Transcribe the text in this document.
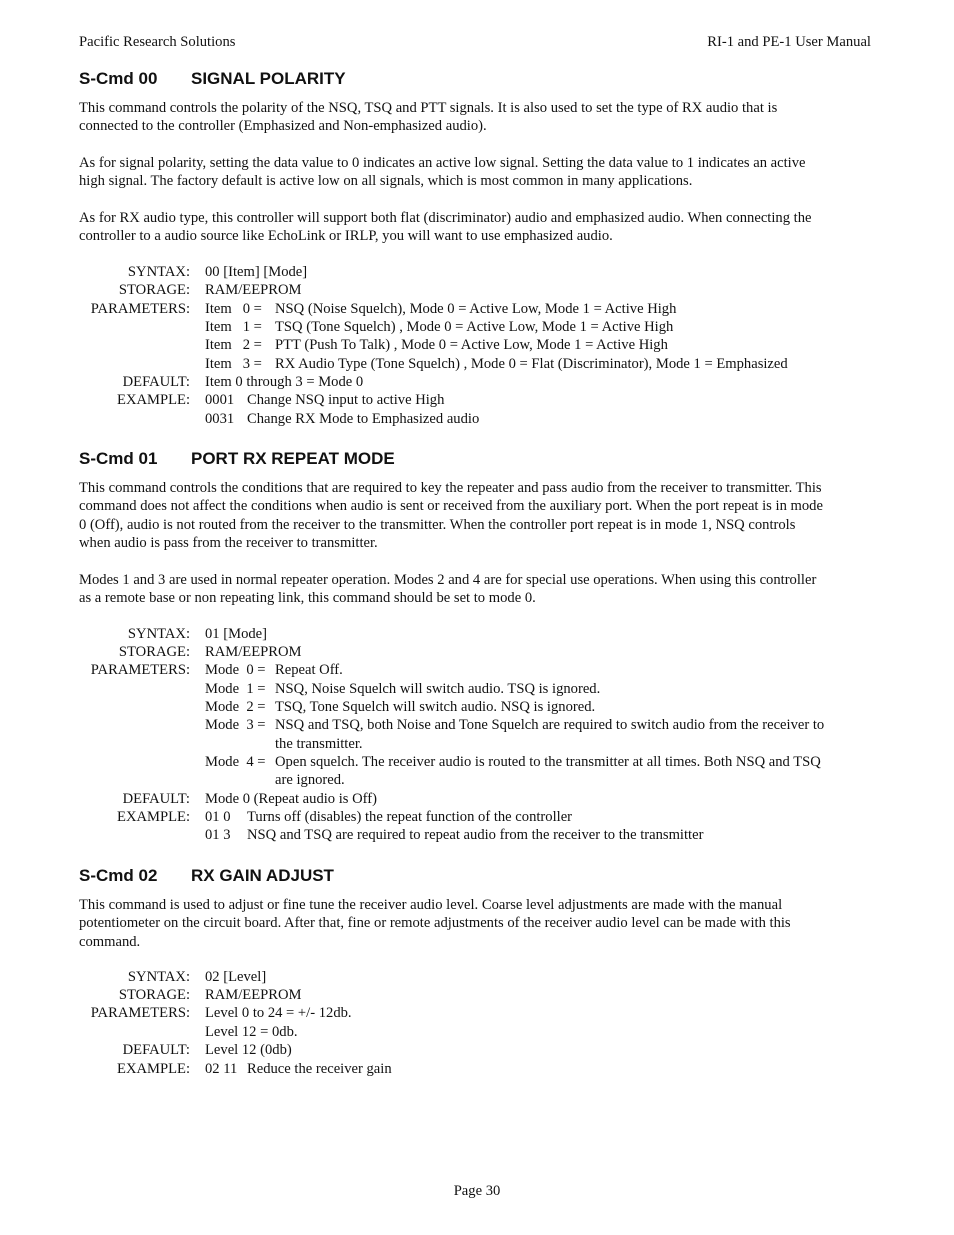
Pacific Research Solutions	RI-1 and PE-1 User Manual
S-Cmd 00 SIGNAL POLARITY
This command controls the polarity of the NSQ, TSQ and PTT signals. It is also used to set the type of RX audio that is
connected to the controller (Emphasized and Non-emphasized audio).
As for signal polarity, setting the data value to 0 indicates an active low signal. Setting the data value to 1 indicates an active
high signal. The factory default is active low on all signals, which is most common in many applications.
As for RX audio type, this controller will support both flat (discriminator) audio and emphasized audio. When connecting the
controller to a audio source like EchoLink or IRLP, you will want to use emphasized audio.
SYNTAX: 00 [Item] [Mode]
STORAGE: RAM/EEPROM
PARAMETERS: Item   0 = NSQ (Noise Squelch), Mode 0 = Active Low, Mode 1 = Active High
Item   1 = TSQ (Tone Squelch) , Mode 0 = Active Low, Mode 1 = Active High
Item   2 = PTT (Push To Talk) , Mode 0 = Active Low, Mode 1 = Active High
Item   3 = RX Audio Type (Tone Squelch) , Mode 0 = Flat (Discriminator), Mode 1 = Emphasized
DEFAULT: Item 0 through 3 = Mode 0
EXAMPLE: 0001 Change NSQ input to active High
0031 Change RX Mode to Emphasized audio
S-Cmd 01 PORT RX REPEAT MODE
This command controls the conditions that are required to key the repeater and pass audio from the receiver to transmitter. This
command does not affect the conditions when audio is sent or received from the auxiliary port. When the port repeat is in mode
0 (Off), audio is not routed from the receiver to the transmitter. When the controller port repeat is in mode 1, NSQ controls
when audio is pass from the receiver to transmitter.
Modes 1 and 3 are used in normal repeater operation. Modes 2 and 4 are for special use operations. When using this controller
as a remote base or non repeating link, this command should be set to mode 0.
SYNTAX: 01 [Mode]
STORAGE: RAM/EEPROM
PARAMETERS: Mode  0 = Repeat Off.
Mode  1 = NSQ, Noise Squelch will switch audio. TSQ is ignored.
Mode  2 = TSQ, Tone Squelch will switch audio. NSQ is ignored.
Mode  3 = NSQ and TSQ, both Noise and Tone Squelch are required to switch audio from the receiver to
the transmitter.
Mode  4 = Open squelch. The receiver audio is routed to the transmitter at all times. Both NSQ and TSQ
are ignored.
DEFAULT: Mode 0 (Repeat audio is Off)
EXAMPLE: 01 0 Turns off (disables) the repeat function of the controller
01 3 NSQ and TSQ are required to repeat audio from the receiver to the transmitter
S-Cmd 02 RX GAIN ADJUST
This command is used to adjust or fine tune the receiver audio level. Coarse level adjustments are made with the manual
potentiometer on the circuit board. After that, fine or remote adjustments of the receiver audio level can be made with this
command.
SYNTAX: 02 [Level]
STORAGE: RAM/EEPROM
PARAMETERS: Level 0 to 24 = +/- 12db.
Level 12 = 0db.
DEFAULT: Level 12 (0db)
EXAMPLE: 02 11 Reduce the receiver gain
Page 30
